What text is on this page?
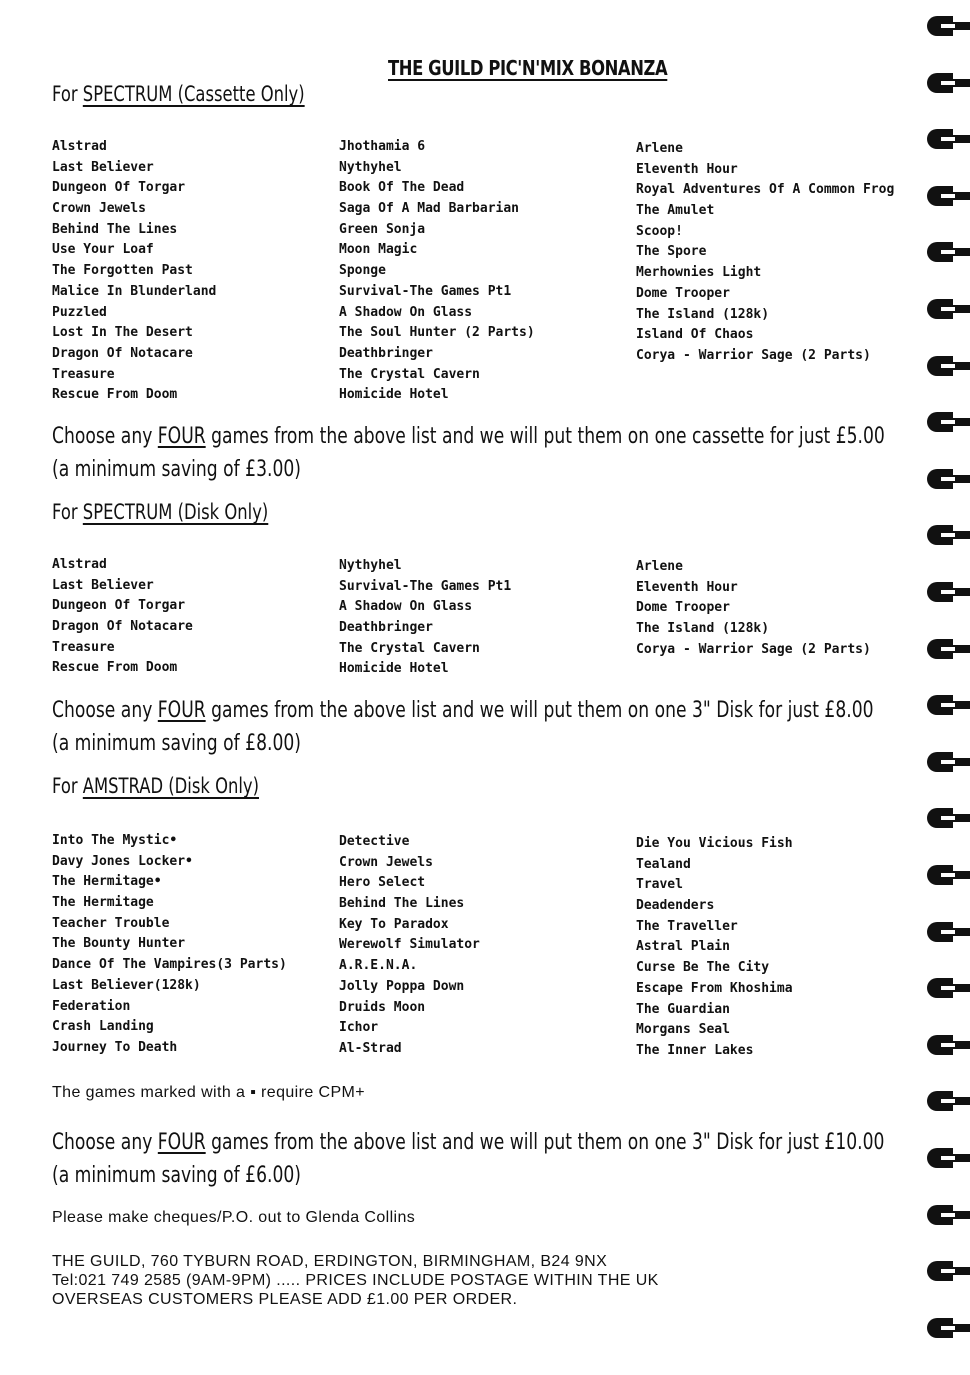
THE GUILD PIC'N'MIX BONANZA
For SPECTRUM (Cassette Only)
Alstrad
Last Believer
Dungeon Of Torgar
Crown Jewels
Behind The Lines
Use Your Loaf
The Forgotten Past
Malice In Blunderland
Puzzled
Lost In The Desert
Dragon Of Notacare
Treasure
Rescue From Doom
Jhothamia 6
Nythyhel
Book Of The Dead
Saga Of A Mad Barbarian
Green Sonja
Moon Magic
Sponge
Survival-The Games Pt1
A Shadow On Glass
The Soul Hunter (2 Parts)
Deathbringer
The Crystal Cavern
Homicide Hotel
Arlene
Eleventh Hour
Royal Adventures Of A Common Frog
The Amulet
Scoop!
The Spore
Merhownies Light
Dome Trooper
The Island (128k)
Island Of Chaos
Corya - Warrior Sage (2 Parts)
Choose any FOUR games from the above list and we will put them on one cassette for just £5.00 (a minimum saving of £3.00)
For SPECTRUM (Disk Only)
Alstrad
Last Believer
Dungeon Of Torgar
Dragon Of Notacare
Treasure
Rescue From Doom
Nythyhel
Survival-The Games Pt1
A Shadow On Glass
Deathbringer
The Crystal Cavern
Homicide Hotel
Arlene
Eleventh Hour
Dome Trooper
The Island (128k)
Corya - Warrior Sage (2 Parts)
Choose any FOUR games from the above list and we will put them on one 3" Disk for just £8.00 (a minimum saving of £8.00)
For AMSTRAD (Disk Only)
Into The Mystic•
Davy Jones Locker•
The Hermitage•
The Hermitage
Teacher Trouble
The Bounty Hunter
Dance Of The Vampires(3 Parts)
Last Believer(128k)
Federation
Crash Landing
Journey To Death
Detective
Crown Jewels
Hero Select
Behind The Lines
Key To Paradox
Werewolf Simulator
A.R.E.N.A.
Jolly Poppa Down
Druids Moon
Ichor
Al-Strad
Die You Vicious Fish
Tealand
Travel
Deadenders
The Traveller
Astral Plain
Curse Be The City
Escape From Khoshima
The Guardian
Morgans Seal
The Inner Lakes
The games marked with a ▪ require CPM+
Choose any FOUR games from the above list and we will put them on one 3" Disk for just £10.00 (a minimum saving of £6.00)
Please make cheques/P.O. out to Glenda Collins
THE GUILD, 760 TYBURN ROAD, ERDINGTON, BIRMINGHAM, B24 9NX
Tel:021 749 2585 (9AM-9PM) ..... PRICES INCLUDE POSTAGE WITHIN THE UK
OVERSEAS CUSTOMERS PLEASE ADD £1.00 PER ORDER.
